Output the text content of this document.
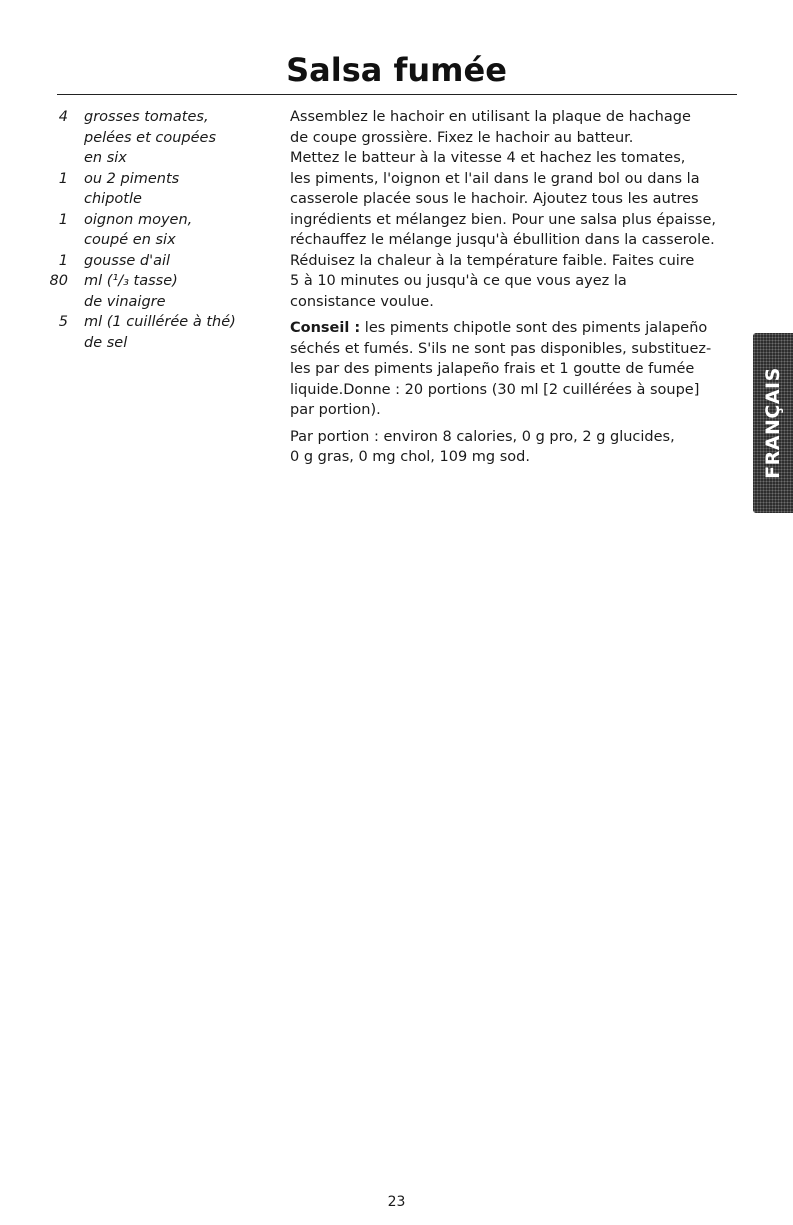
Salsa fumée
4 grosses tomates,
pelées et coupées
en six
1 ou 2 piments
chipotle
1 oignon moyen,
coupé en six
1 gousse d'ail
80 ml (¹/₃ tasse)
de vinaigre
5 ml (1 cuillérée à thé)
de sel

Assemblez le hachoir en utilisant la plaque de hachage
de coupe grossière. Fixez le hachoir au batteur.
Mettez le batteur à la vitesse 4 et hachez les tomates,
les piments, l'oignon et l'ail dans le grand bol ou dans la
casserole placée sous le hachoir. Ajoutez tous les autres
ingrédients et mélangez bien. Pour une salsa plus épaisse,
réchauffez le mélange jusqu'à ébullition dans la casserole.
Réduisez la chaleur à la température faible. Faites cuire
5 à 10 minutes ou jusqu'à ce que vous ayez la
consistance voulue.

Conseil : les piments chipotle sont des piments jalapeño
séchés et fumés. S'ils ne sont pas disponibles, substituez-
les par des piments jalapeño frais et 1 goutte de fumée
liquide.Donne : 20 portions (30 ml [2 cuillérées à soupe]
par portion).

Par portion : environ 8 calories, 0 g pro, 2 g glucides,
0 g gras, 0 mg chol, 109 mg sod.	FRANÇAIS
23
